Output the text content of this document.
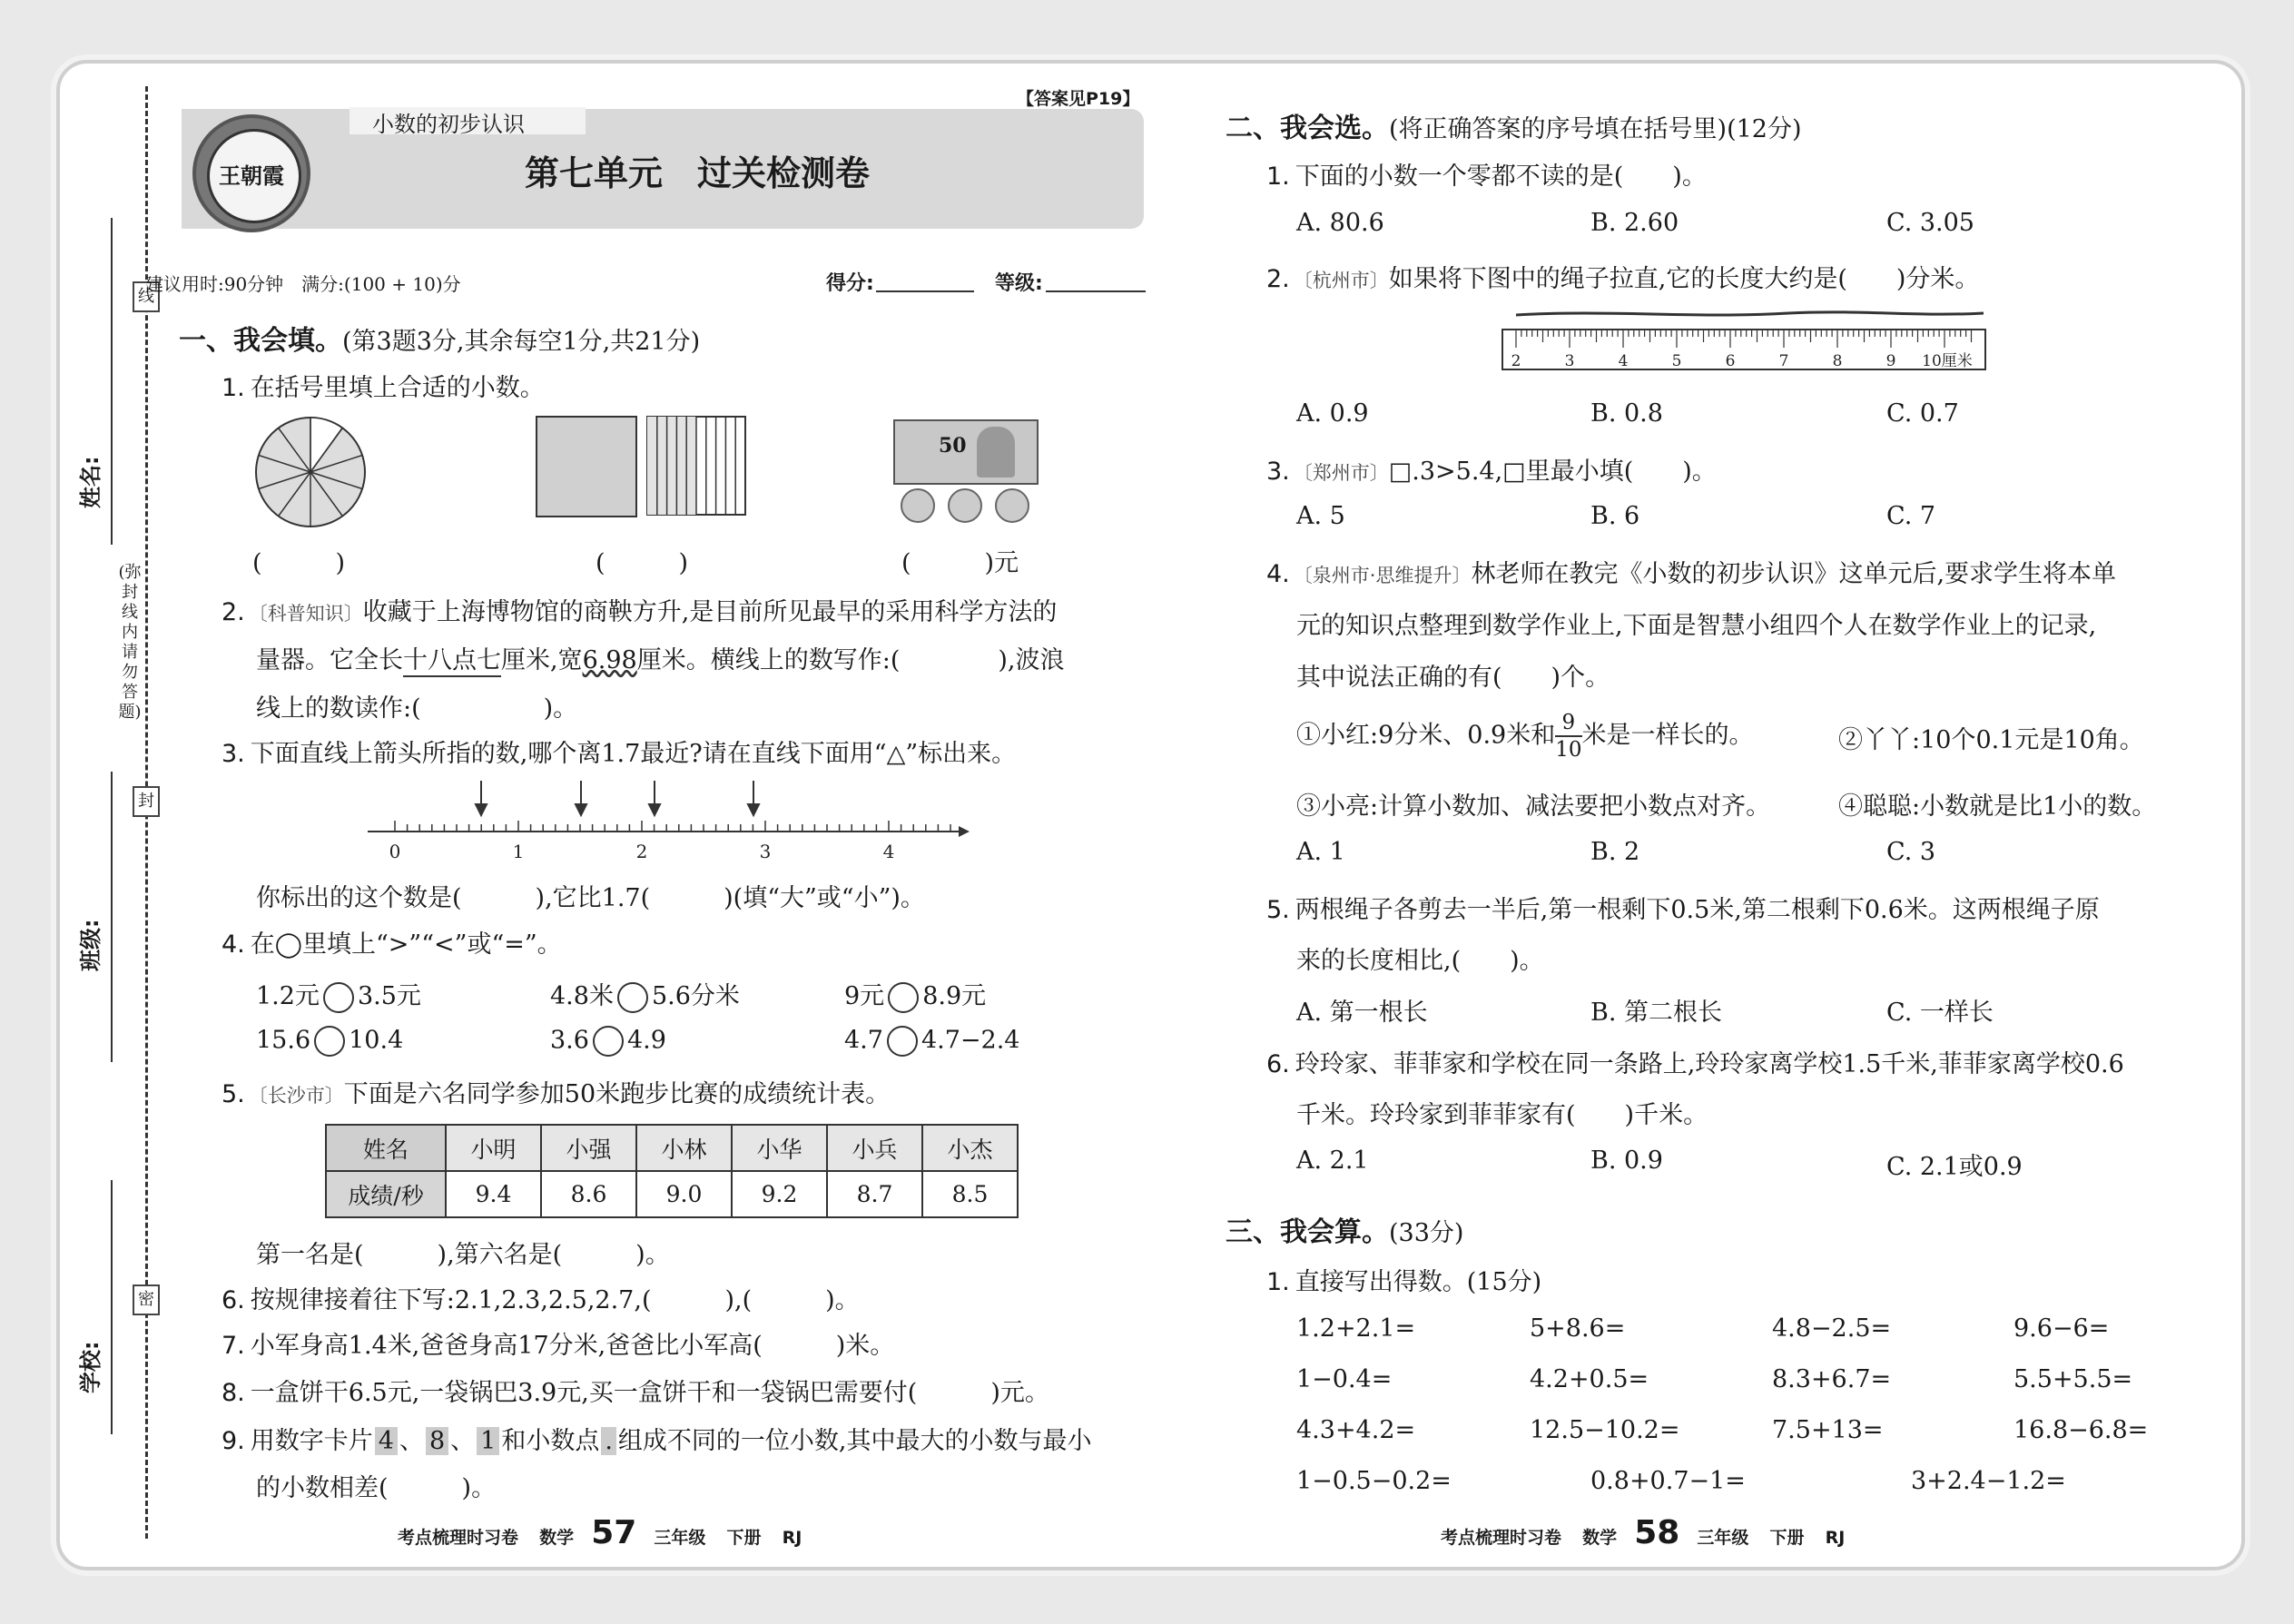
线
封
密
(弥封线内请勿答题)
姓名:
班级:
学校:
小数的初步认识
【答案见P19】
第七单元　过关检测卷
王朝霞
建议用时:90分钟　满分:(100 + 10)分	得分:	等级:
一、我会填。(第3题3分,其余每空1分,共21分)
1. 在括号里填上合适的小数。
50
(　　　)	(　　　)	(　　　)元
2. 〔科普知识〕收藏于上海博物馆的商鞅方升,是目前所见最早的采用科学方法的
量器。它全长十八点七厘米,宽6.98厘米。横线上的数写作:(　　　　),波浪
线上的数读作:(　　　　　)。
3. 下面直线上箭头所指的数,哪个离1.7最近?请在直线下面用“△”标出来。
0	1	2	3	4
你标出的这个数是(　　　),它比1.7(　　　)(填“大”或“小”)。
4. 在◯里填上“>”“<”或“=”。
1.2元 3.5元	4.8米 5.6分米	9元 8.9元
15.6 10.4	3.6 4.9	4.7 4.7−2.4
5. 〔长沙市〕下面是六名同学参加50米跑步比赛的成绩统计表。
姓名	小明	小强	小林	小华	小兵	小杰
成绩/秒	9.4	8.6	9.0	9.2	8.7	8.5
第一名是(　　　),第六名是(　　　)。
6. 按规律接着往下写:2.1,2.3,2.5,2.7,(　　　),(　　　)。
7. 小军身高1.4米,爸爸身高17分米,爸爸比小军高(　　　)米。
8. 一盒饼干6.5元,一袋锅巴3.9元,买一盒饼干和一袋锅巴需要付(　　　)元。
9. 用数字卡片 4 、 8 、 1 和小数点 . 组成不同的一位小数,其中最大的小数与最小
的小数相差(　　　)。
考点梳理时习卷 数学 57 三年级 下册 RJ
二、我会选。(将正确答案的序号填在括号里)(12分)
1. 下面的小数一个零都不读的是(　　)。
A. 80.6	B. 2.60	C. 3.05
2. 〔杭州市〕如果将下图中的绳子拉直,它的长度大约是(　　)分米。
2	3	4	5	6	7	8	9 10厘米
A. 0.9	B. 0.8	C. 0.7
3. 〔郑州市〕□.3>5.4,□里最小填(　　)。
A. 5	B. 6	C. 7
4. 〔泉州市·思维提升〕林老师在教完《小数的初步认识》这单元后,要求学生将本单
元的知识点整理到数学作业上,下面是智慧小组四个人在数学作业上的记录,
其中说法正确的有(　　)个。
①小红:9分米、0.9米和 $\frac{9}{10}$ 米是一样长的。	②丫丫:10个0.1元是10角。
③小亮:计算小数加、减法要把小数点对齐。	④聪聪:小数就是比1小的数。
A. 1	B. 2	C. 3
5. 两根绳子各剪去一半后,第一根剩下0.5米,第二根剩下0.6米。这两根绳子原
来的长度相比,(　　)。
A. 第一根长	B. 第二根长	C. 一样长
6. 玲玲家、菲菲家和学校在同一条路上,玲玲家离学校1.5千米,菲菲家离学校0.6
千米。玲玲家到菲菲家有(　　)千米。
A. 2.1	B. 0.9	C. 2.1或0.9
三、我会算。(33分)
1. 直接写出得数。(15分)
1.2+2.1=	5+8.6=	4.8−2.5=	9.6−6=
1−0.4=	4.2+0.5=	8.3+6.7=	5.5+5.5=
4.3+4.2=	12.5−10.2=	7.5+13=	16.8−6.8=
1−0.5−0.2=	0.8+0.7−1=	3+2.4−1.2=
考点梳理时习卷 数学 58 三年级 下册 RJ
